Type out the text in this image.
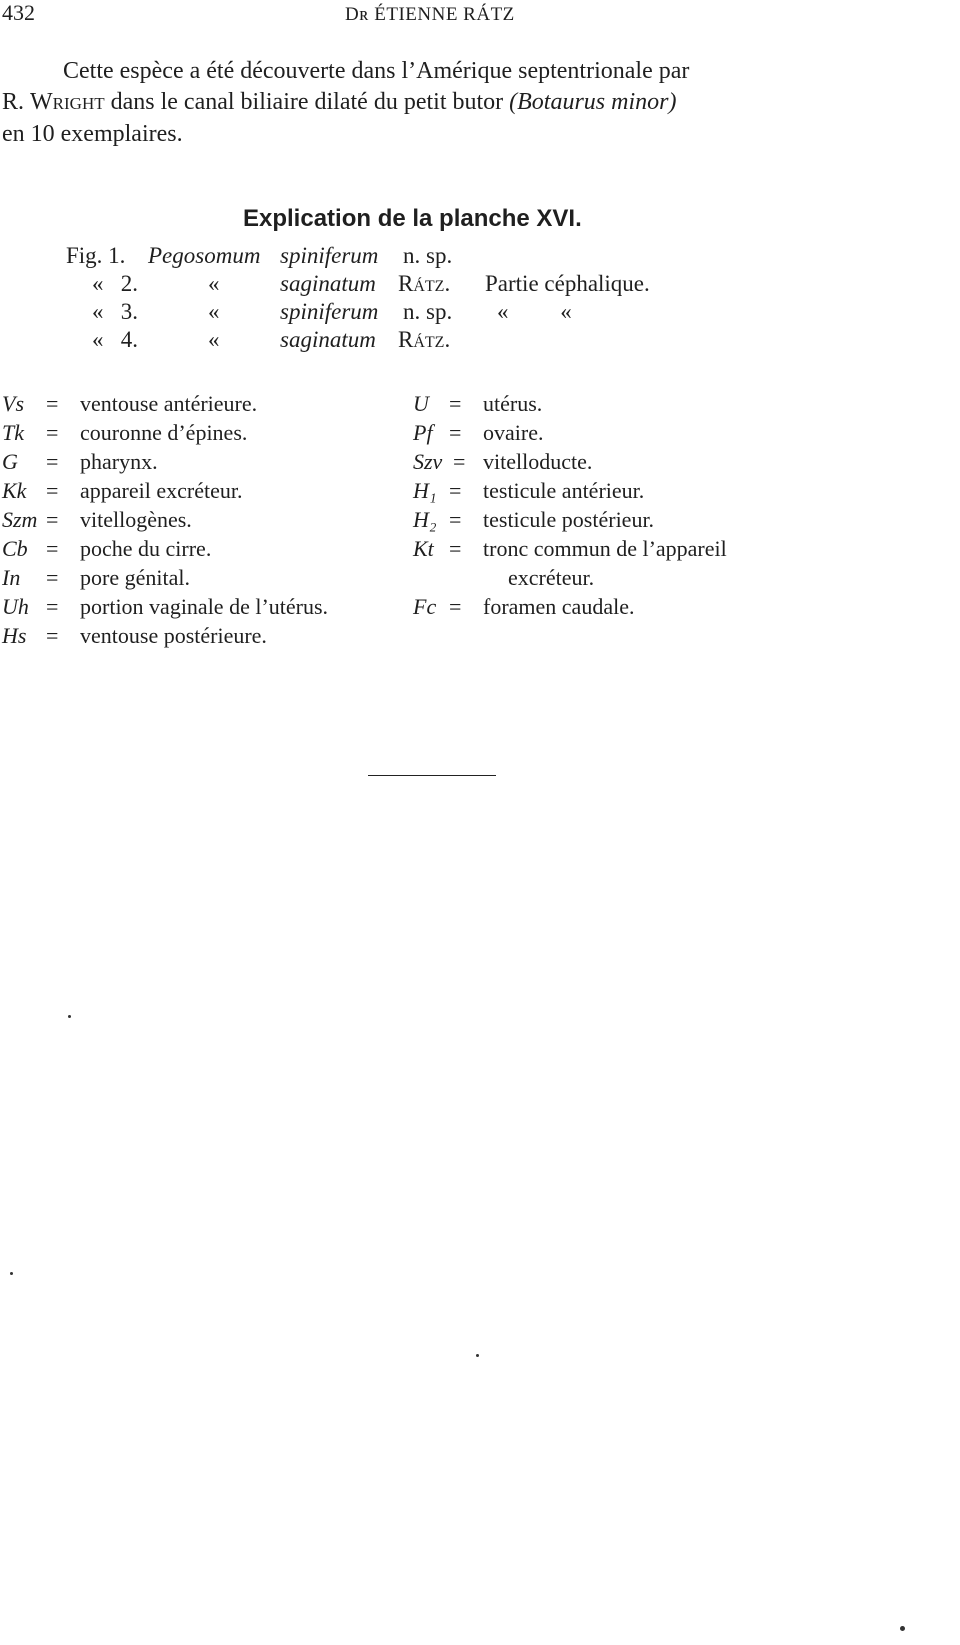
432	Dʀ ÉTIENNE RÁTZ
Cette espèce a été découverte dans l’Amérique septentrionale par
R. Wright dans le canal biliaire dilaté du petit butor (Botaurus minor)
en 10 exemplaires.
Explication de la planche XVI.
Fig. 1. Pegosomum spiniferum n. sp.
«   2.	«	saginatum Rátz. Partie céphalique.
«   3.	«	spiniferum n. sp. «         «
«   4.	«	saginatum Rátz.
Vs = ventouse antérieure.
Tk = couronne d’épines.
G = pharynx.
Kk = appareil excréteur.
Szm = vitellogènes.
Cb = poche du cirre.
In = pore génital.
Uh = portion vaginale de l’utérus.
Hs = ventouse postérieure.
U = utérus.
Pf = ovaire.
Szv = vitelloducte.
H₁ = testicule antérieur.
H₂ = testicule postérieur.
Kt = tronc commun de l’appareil
excréteur.
Fc = foramen caudale.
